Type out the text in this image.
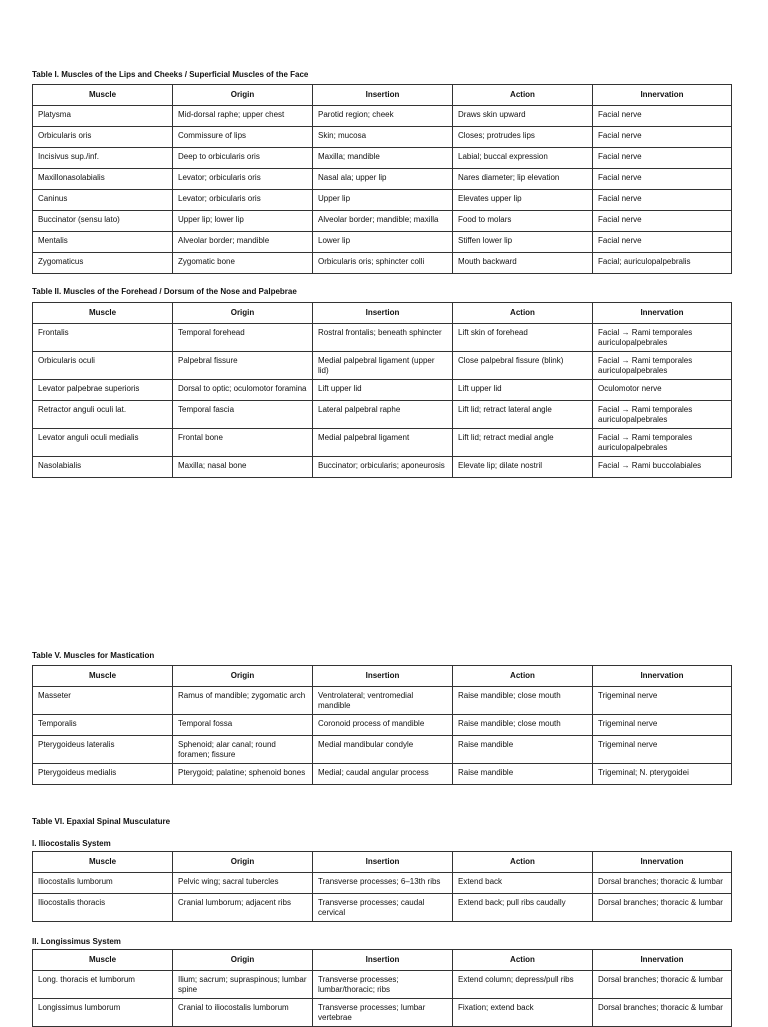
Table I. Muscles of the Lips and Cheeks / Superficial Muscles of the Face
Muscle	Origin	Insertion	Action	Innervation
Platysma	Mid-dorsal raphe; upper chest	Parotid region; cheek	Draws skin upward	Facial nerve
Orbicularis oris	Commissure of lips	Skin; mucosa	Closes; protrudes lips	Facial nerve
Incisivus sup./inf.	Deep to orbicularis oris	Maxilla; mandible	Labial; buccal expression	Facial nerve
Maxillonasolabialis	Levator; orbicularis oris	Nasal ala; upper lip	Nares diameter; lip elevation	Facial nerve
Caninus	Levator; orbicularis oris	Upper lip	Elevates upper lip	Facial nerve
Buccinator (sensu lato)	Upper lip; lower lip	Alveolar border; mandible; maxilla	Food to molars	Facial nerve
Mentalis	Alveolar border; mandible	Lower lip	Stiffen lower lip	Facial nerve
Zygomaticus	Zygomatic bone	Orbicularis oris; sphincter colli	Mouth backward	Facial; auriculopalpebralis
Table II. Muscles of the Forehead / Dorsum of the Nose and Palpebrae
Muscle	Origin	Insertion	Action	Innervation
Frontalis	Temporal forehead	Rostral frontalis; beneath sphincter	Lift skin of forehead	Facial → Rami temporales auriculopalpebrales
Orbicularis oculi	Palpebral fissure	Medial palpebral ligament (upper lid)	Close palpebral fissure (blink)	Facial → Rami temporales auriculopalpebrales
Levator palpebrae superioris	Dorsal to optic; oculomotor foramina	Lift upper lid	Lift upper lid	Oculomotor nerve
Retractor anguli oculi lat.	Temporal fascia	Lateral palpebral raphe	Lift lid; retract lateral angle	Facial → Rami temporales auriculopalpebrales
Levator anguli oculi medialis	Frontal bone	Medial palpebral ligament	Lift lid; retract medial angle	Facial → Rami temporales auriculopalpebrales
Nasolabialis	Maxilla; nasal bone	Buccinator; orbicularis; aponeurosis	Elevate lip; dilate nostril	Facial → Rami buccolabiales
Table V. Muscles for Mastication
Muscle	Origin	Insertion	Action	Innervation
Masseter	Ramus of mandible; zygomatic arch	Ventrolateral; ventromedial mandible	Raise mandible; close mouth	Trigeminal nerve
Temporalis	Temporal fossa	Coronoid process of mandible	Raise mandible; close mouth	Trigeminal nerve
Pterygoideus lateralis	Sphenoid; alar canal; round foramen; fissure	Medial mandibular condyle	Raise mandible	Trigeminal nerve
Pterygoideus medialis	Pterygoid; palatine; sphenoid bones	Medial; caudal angular process	Raise mandible	Trigeminal; N. pterygoidei
Table VI. Epaxial Spinal Musculature
I. Iliocostalis System
Muscle	Origin	Insertion	Action	Innervation
Iliocostalis lumborum	Pelvic wing; sacral tubercles	Transverse processes; 6–13th ribs	Extend back	Dorsal branches; thoracic & lumbar
Iliocostalis thoracis	Cranial lumborum; adjacent ribs	Transverse processes; caudal cervical	Extend back; pull ribs caudally	Dorsal branches; thoracic & lumbar
II. Longissimus System
Muscle	Origin	Insertion	Action	Innervation
Long. thoracis et lumborum	Ilium; sacrum; supraspinous; lumbar spine	Transverse processes; lumbar/thoracic; ribs	Extend column; depress/pull ribs	Dorsal branches; thoracic & lumbar
Longissimus lumborum	Cranial to iliocostalis lumborum	Transverse processes; lumbar vertebrae	Fixation; extend back	Dorsal branches; thoracic & lumbar
